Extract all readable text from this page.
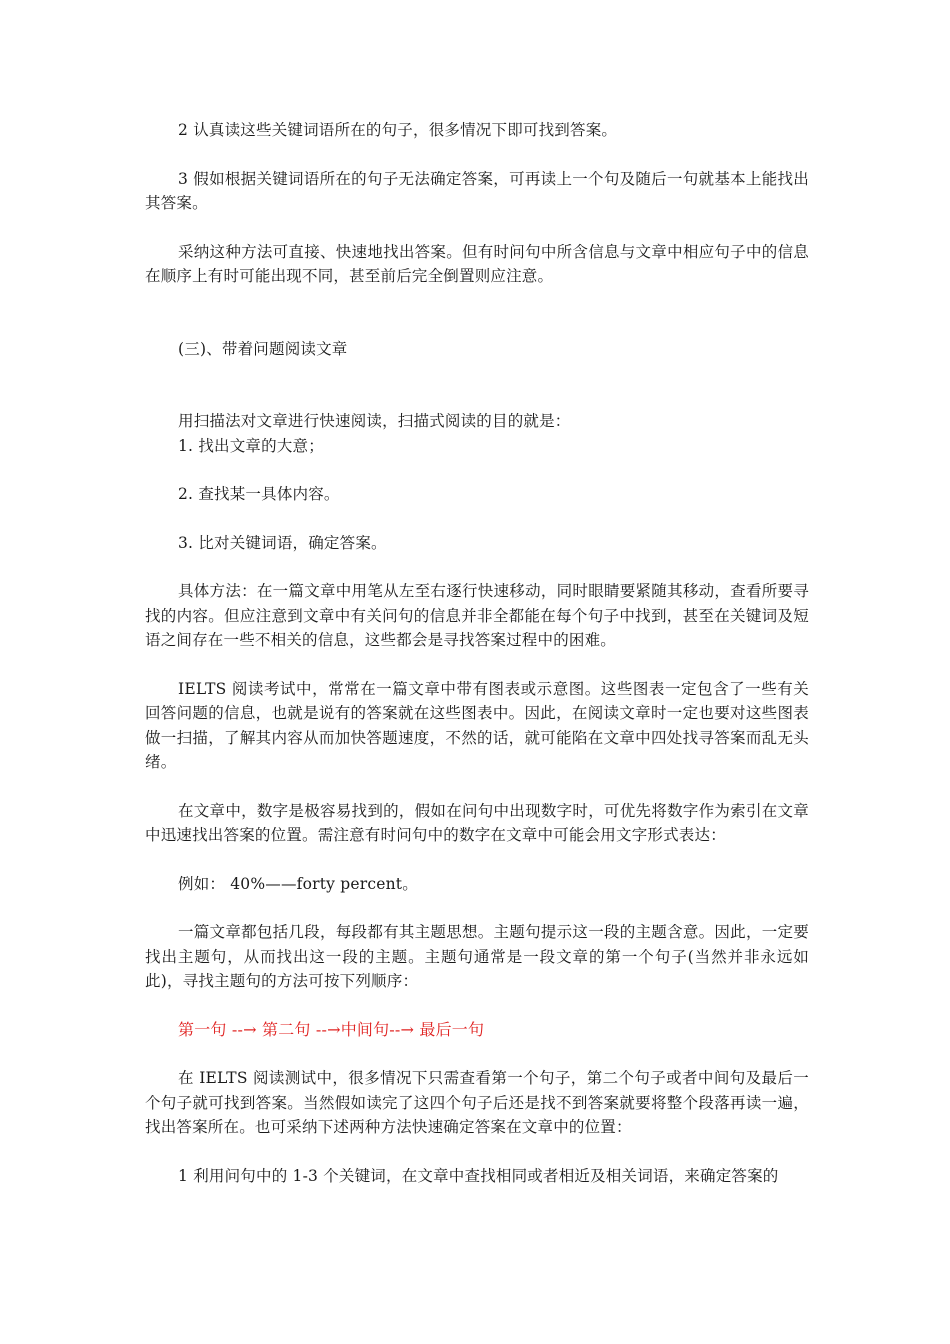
2 认真读这些关键词语所在的句子，很多情况下即可找到答案。

3 假如根据关键词语所在的句子无法确定答案，可再读上一个句及随后一句就基本上能找出其答案。

采纳这种方法可直接、快速地找出答案。但有时问句中所含信息与文章中相应句子中的信息在顺序上有时可能出现不同，甚至前后完全倒置则应注意。

(三)、带着问题阅读文章

用扫描法对文章进行快速阅读，扫描式阅读的目的就是：

1. 找出文章的大意；

2. 查找某一具体内容。

3. 比对关键词语，确定答案。

具体方法：在一篇文章中用笔从左至右逐行快速移动，同时眼睛要紧随其移动，查看所要寻找的内容。但应注意到文章中有关问句的信息并非全都能在每个句子中找到，甚至在关键词及短语之间存在一些不相关的信息，这些都会是寻找答案过程中的困难。

IELTS 阅读考试中，常常在一篇文章中带有图表或示意图。这些图表一定包含了一些有关回答问题的信息，也就是说有的答案就在这些图表中。因此，在阅读文章时一定也要对这些图表做一扫描，了解其内容从而加快答题速度，不然的话，就可能陷在文章中四处找寻答案而乱无头绪。

在文章中，数字是极容易找到的，假如在问句中出现数字时，可优先将数字作为索引在文章中迅速找出答案的位置。需注意有时问句中的数字在文章中可能会用文字形式表达：

例如： 40%——forty percent。

一篇文章都包括几段，每段都有其主题思想。主题句提示这一段的主题含意。因此，一定要找出主题句，从而找出这一段的主题。主题句通常是一段文章的第一个句子(当然并非永远如此)，寻找主题句的方法可按下列顺序：

第一句 --→ 第二句 --→中间句--→ 最后一句

在 IELTS 阅读测试中，很多情况下只需查看第一个句子，第二个句子或者中间句及最后一个句子就可找到答案。当然假如读完了这四个句子后还是找不到答案就要将整个段落再读一遍，找出答案所在。也可采纳下述两种方法快速确定答案在文章中的位置：

1 利用问句中的 1-3 个关键词，在文章中查找相同或者相近及相关词语，来确定答案的
